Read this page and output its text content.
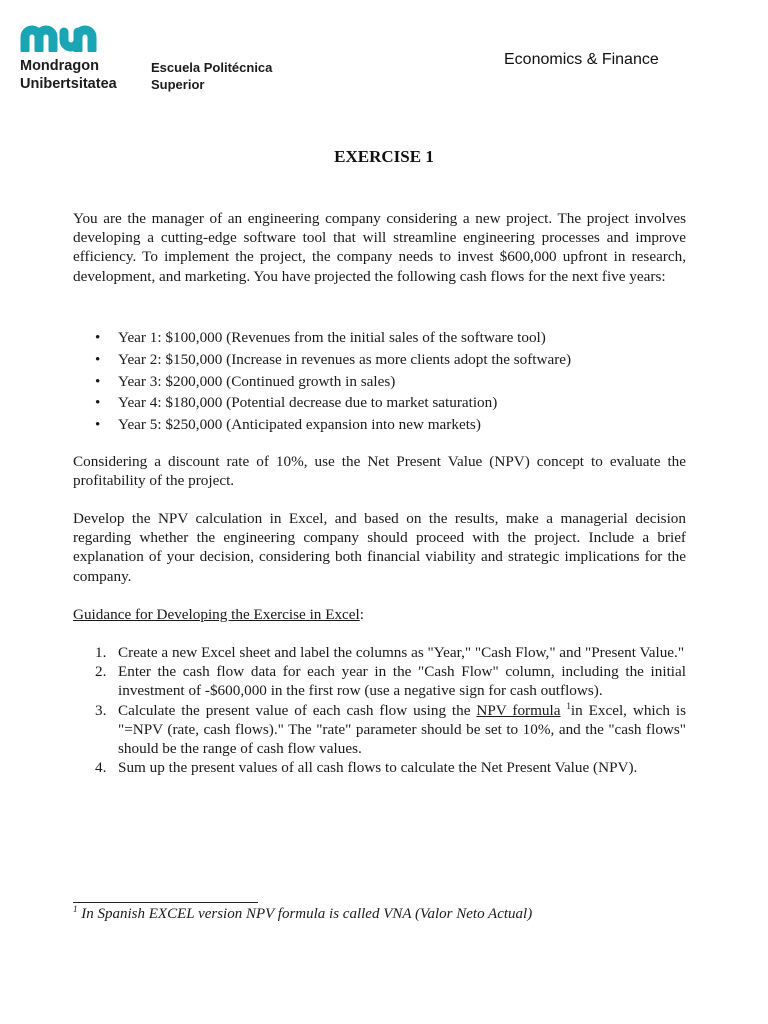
Mondragon
Unibertsitatea
Escuela Politécnica
Superior
Economics & Finance
EXERCISE 1
You are the manager of an engineering company considering a new project. The project involves developing a cutting-edge software tool that will streamline engineering processes and improve efficiency. To implement the project, the company needs to invest $600,000 upfront in research, development, and marketing. You have projected the following cash flows for the next five years:
• Year 1: $100,000 (Revenues from the initial sales of the software tool)
• Year 2: $150,000 (Increase in revenues as more clients adopt the software)
• Year 3: $200,000 (Continued growth in sales)
• Year 4: $180,000 (Potential decrease due to market saturation)
• Year 5: $250,000 (Anticipated expansion into new markets)
Considering a discount rate of 10%, use the Net Present Value (NPV) concept to evaluate the profitability of the project.
Develop the NPV calculation in Excel, and based on the results, make a managerial decision regarding whether the engineering company should proceed with the project. Include a brief explanation of your decision, considering both financial viability and strategic implications for the company.
Guidance for Developing the Exercise in Excel:
1. Create a new Excel sheet and label the columns as "Year," "Cash Flow," and "Present Value."
2. Enter the cash flow data for each year in the "Cash Flow" column, including the initial investment of -$600,000 in the first row (use a negative sign for cash outflows).
3. Calculate the present value of each cash flow using the NPV formula $^1$in Excel, which is "=NPV (rate, cash flows)." The "rate" parameter should be set to 10%, and the "cash flows" should be the range of cash flow values.
4. Sum up the present values of all cash flows to calculate the Net Present Value (NPV).
$^1$ In Spanish EXCEL version NPV formula is called VNA (Valor Neto Actual)
